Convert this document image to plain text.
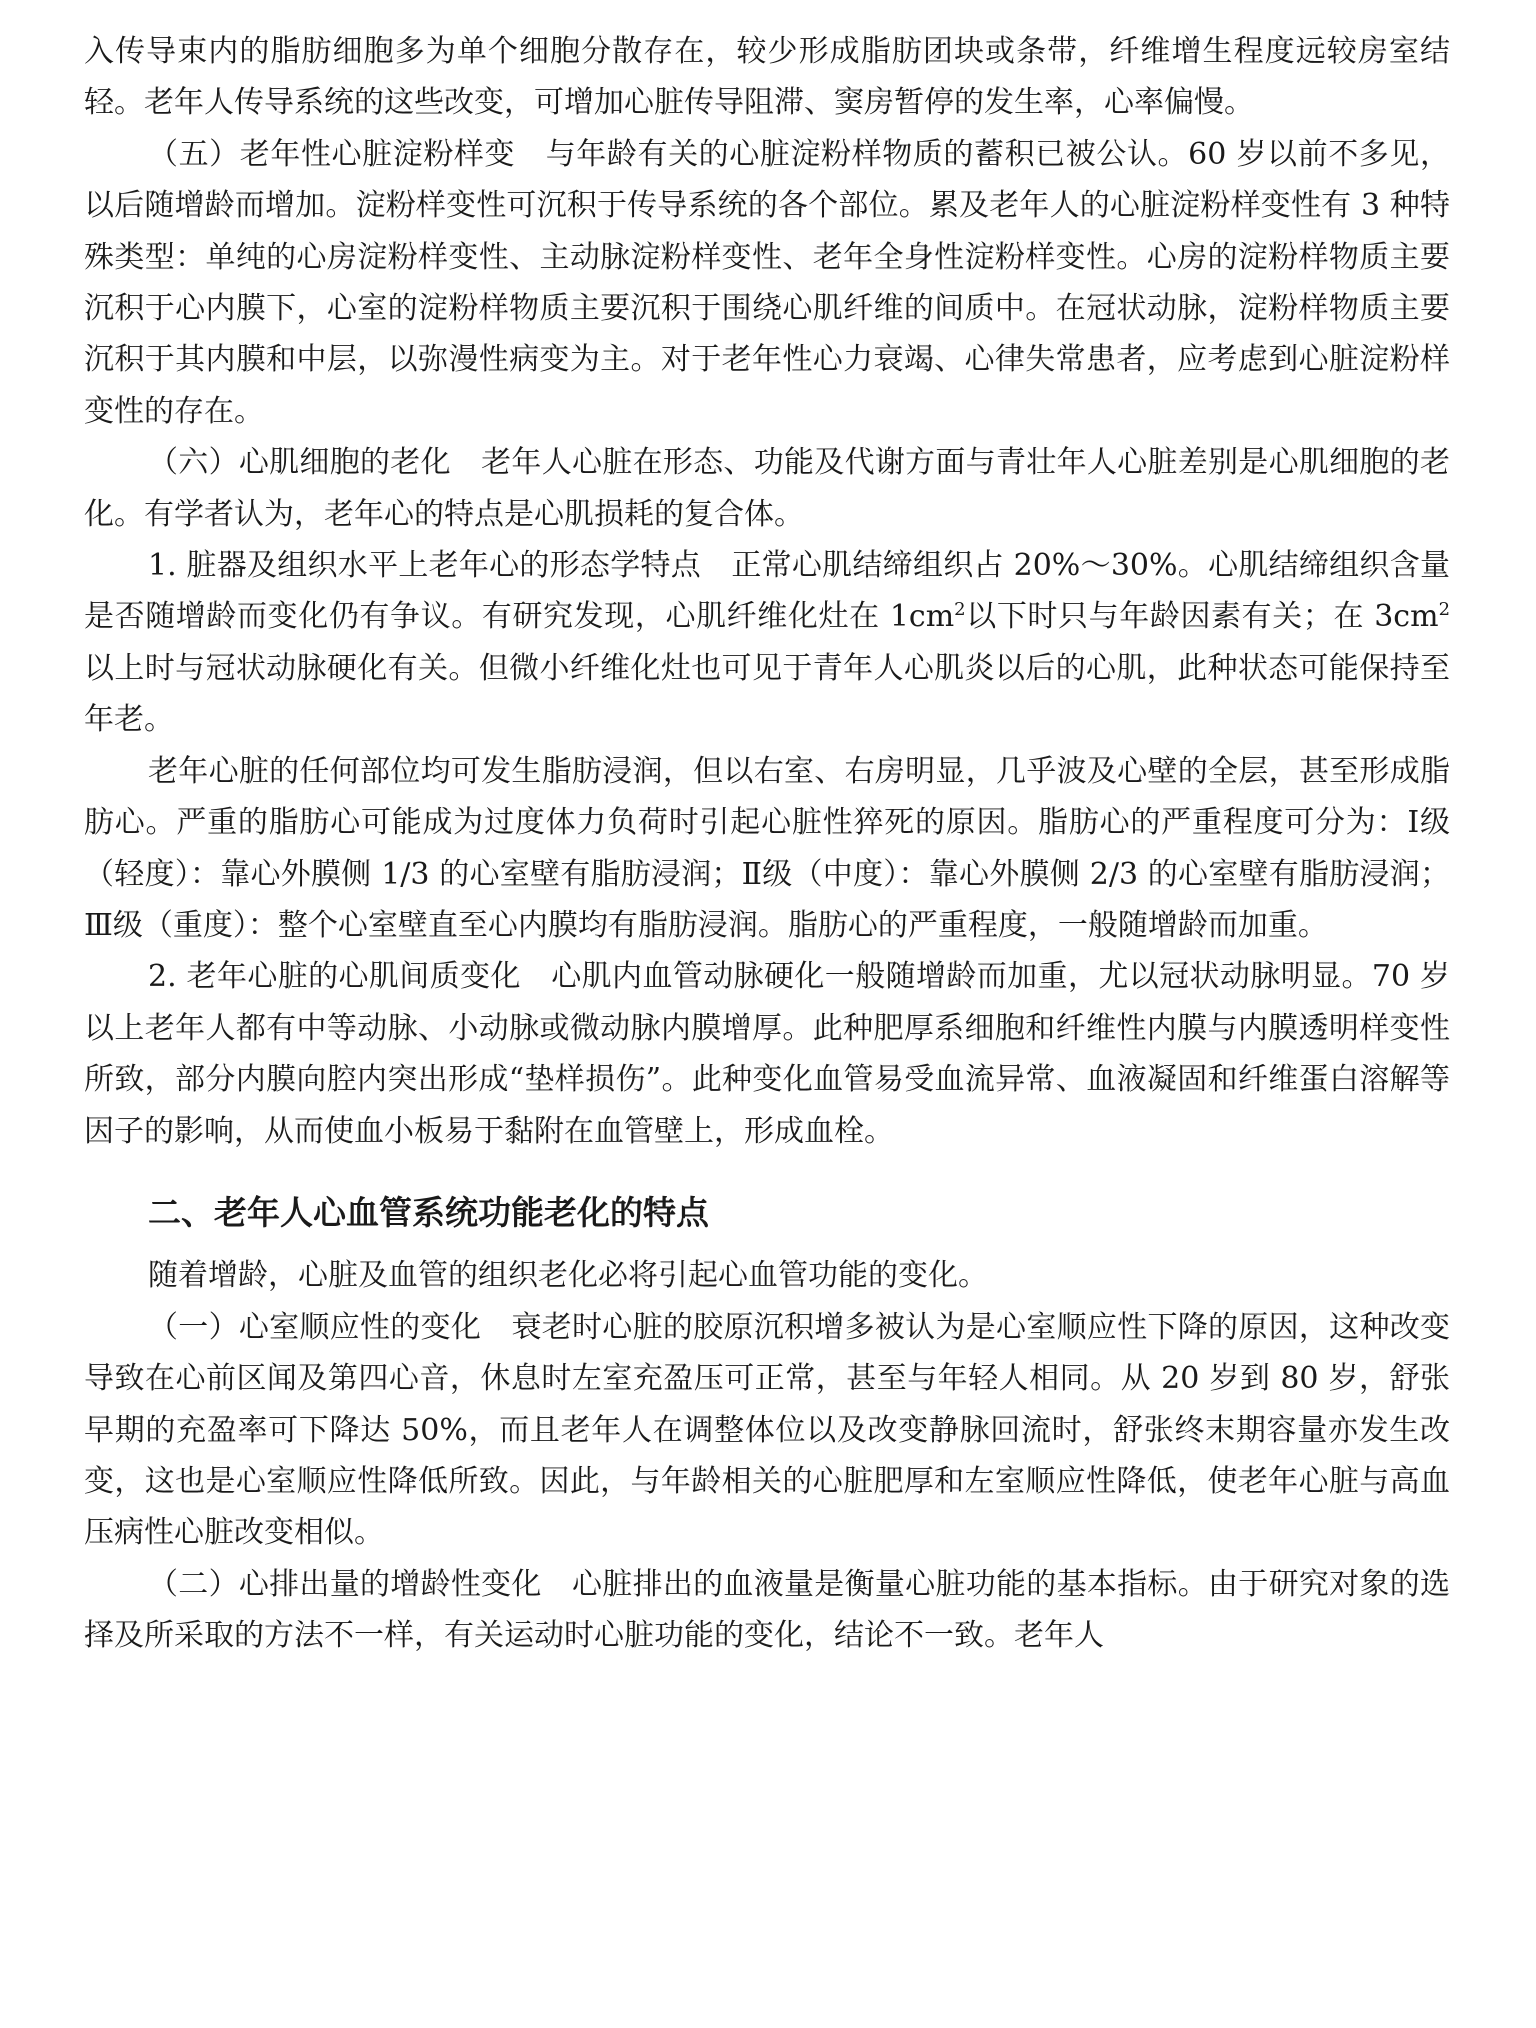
入传导束内的脂肪细胞多为单个细胞分散存在，较少形成脂肪团块或条带，纤维增生程度远较房室结轻。老年人传导系统的这些改变，可增加心脏传导阻滞、窦房暂停的发生率，心率偏慢。

（五）老年性心脏淀粉样变 与年龄有关的心脏淀粉样物质的蓄积已被公认。60 岁以前不多见，以后随增龄而增加。淀粉样变性可沉积于传导系统的各个部位。累及老年人的心脏淀粉样变性有 3 种特殊类型：单纯的心房淀粉样变性、主动脉淀粉样变性、老年全身性淀粉样变性。心房的淀粉样物质主要沉积于心内膜下，心室的淀粉样物质主要沉积于围绕心肌纤维的间质中。在冠状动脉，淀粉样物质主要沉积于其内膜和中层，以弥漫性病变为主。对于老年性心力衰竭、心律失常患者，应考虑到心脏淀粉样变性的存在。

（六）心肌细胞的老化 老年人心脏在形态、功能及代谢方面与青壮年人心脏差别是心肌细胞的老化。有学者认为，老年心的特点是心肌损耗的复合体。

1. 脏器及组织水平上老年心的形态学特点 正常心肌结缔组织占 20%～30%。心肌结缔组织含量是否随增龄而变化仍有争议。有研究发现，心肌纤维化灶在 $1cm^2$以下时只与年龄因素有关；在 $3cm^2$以上时与冠状动脉硬化有关。但微小纤维化灶也可见于青年人心肌炎以后的心肌，此种状态可能保持至年老。

老年心脏的任何部位均可发生脂肪浸润，但以右室、右房明显，几乎波及心壁的全层，甚至形成脂肪心。严重的脂肪心可能成为过度体力负荷时引起心脏性猝死的原因。脂肪心的严重程度可分为：Ⅰ级（轻度）：靠心外膜侧 1/3 的心室壁有脂肪浸润；Ⅱ级（中度）：靠心外膜侧 2/3 的心室壁有脂肪浸润；Ⅲ级（重度）：整个心室壁直至心内膜均有脂肪浸润。脂肪心的严重程度，一般随增龄而加重。

2. 老年心脏的心肌间质变化 心肌内血管动脉硬化一般随增龄而加重，尤以冠状动脉明显。70 岁以上老年人都有中等动脉、小动脉或微动脉内膜增厚。此种肥厚系细胞和纤维性内膜与内膜透明样变性所致，部分内膜向腔内突出形成“垫样损伤”。此种变化血管易受血流异常、血液凝固和纤维蛋白溶解等因子的影响，从而使血小板易于黏附在血管壁上，形成血栓。

二、老年人心血管系统功能老化的特点

随着增龄，心脏及血管的组织老化必将引起心血管功能的变化。

（一）心室顺应性的变化 衰老时心脏的胶原沉积增多被认为是心室顺应性下降的原因，这种改变导致在心前区闻及第四心音，休息时左室充盈压可正常，甚至与年轻人相同。从 20 岁到 80 岁，舒张早期的充盈率可下降达 50%，而且老年人在调整体位以及改变静脉回流时，舒张终末期容量亦发生改变，这也是心室顺应性降低所致。因此，与年龄相关的心脏肥厚和左室顺应性降低，使老年心脏与高血压病性心脏改变相似。

（二）心排出量的增龄性变化 心脏排出的血液量是衡量心脏功能的基本指标。由于研究对象的选择及所采取的方法不一样，有关运动时心脏功能的变化，结论不一致。老年人
